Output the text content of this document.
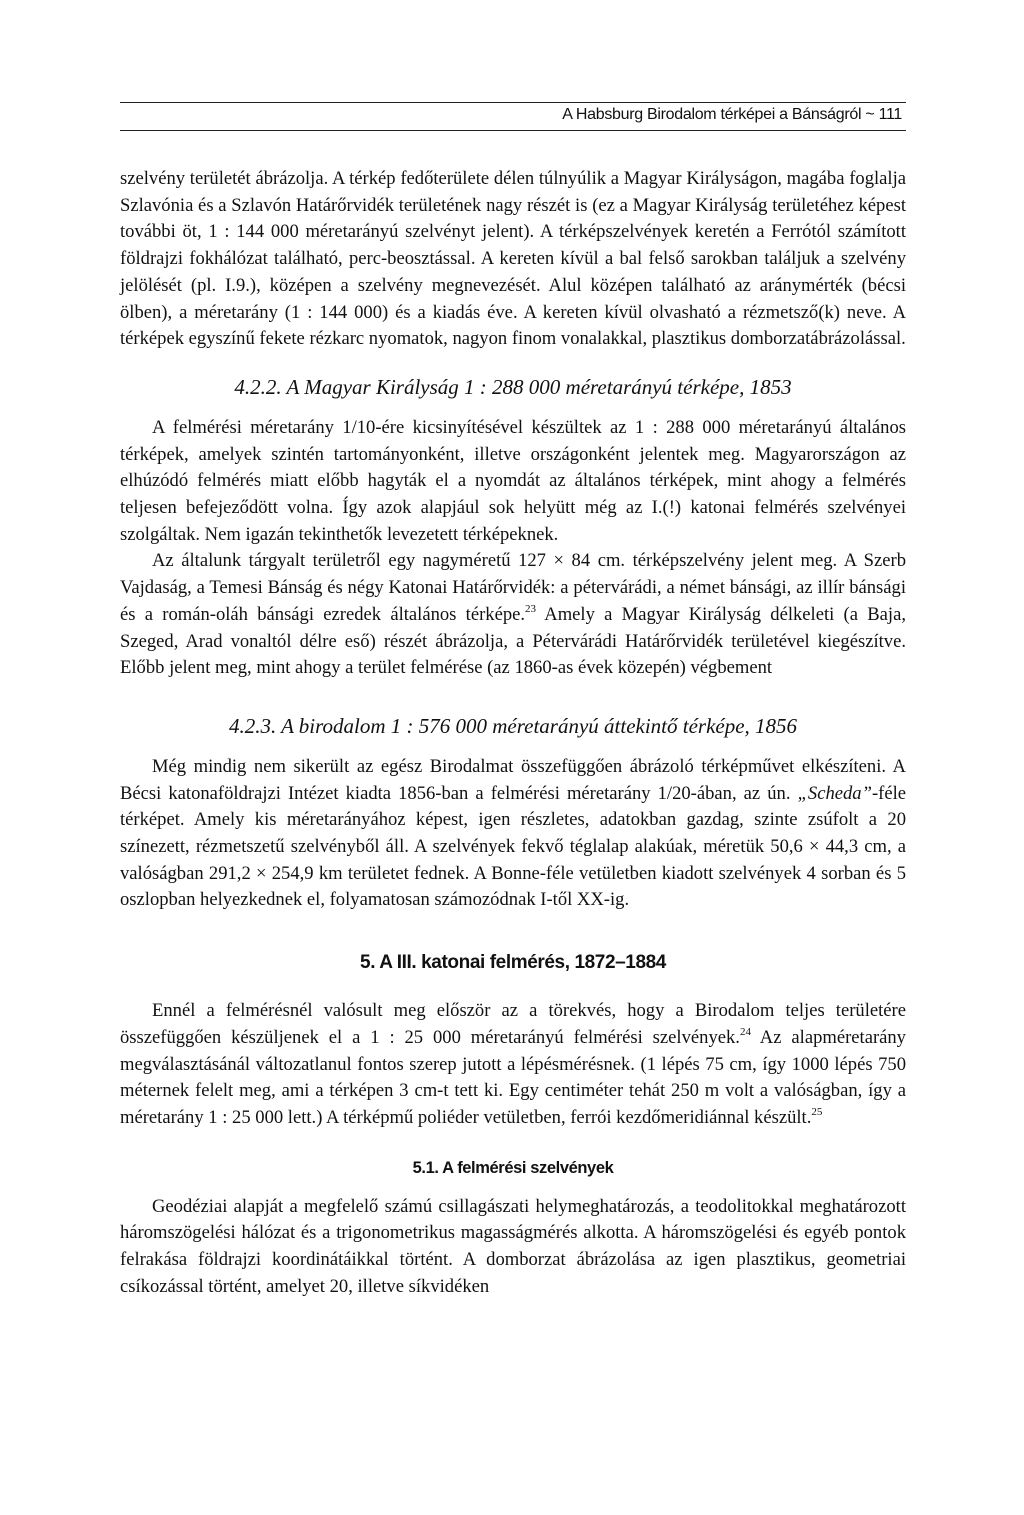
A Habsburg Birodalom térképei a Bánságról ~ 111

szelvény területét ábrázolja. A térkép fedőterülete délen túlnyúlik a Magyar Királyságon, magába foglalja Szlavónia és a Szlavón Határőrvidék területének nagy részét is (ez a Magyar Királyság területéhez képest további öt, 1 : 144 000 méretarányú szelvényt jelent). A térképszelvények keretén a Ferrótól számított földrajzi fokhálózat található, perc-beosztással. A kereten kívül a bal felső sarokban találjuk a szelvény jelölését (pl. I.9.), középen a szelvény megnevezését. Alul középen található az aránymérték (bécsi ölben), a méretarány (1 : 144 000) és a kiadás éve. A kereten kívül olvasható a rézmetsző(k) neve. A térképek egyszínű fekete rézkarc nyomatok, nagyon finom vonalakkal, plasztikus domborzatábrázolással.

4.2.2. A Magyar Királyság 1 : 288 000 méretarányú térképe, 1853

A felmérési méretarány 1/10-ére kicsinyítésével készültek az 1 : 288 000 méretarányú általános térképek, amelyek szintén tartományonként, illetve országonként jelentek meg. Magyarországon az elhúzódó felmérés miatt előbb hagyták el a nyomdát az általános térképek, mint ahogy a felmérés teljesen befejeződött volna. Így azok alapjául sok helyütt még az I.(!) katonai felmérés szelvényei szolgáltak. Nem igazán tekinthetők levezetett térképeknek.

Az általunk tárgyalt területről egy nagyméretű 127 × 84 cm. térképszelvény jelent meg. A Szerb Vajdaság, a Temesi Bánság és négy Katonai Határőrvidék: a pétervárádi, a német bánsági, az illír bánsági és a román-oláh bánsági ezredek általános térképe.$^{23}$ Amely a Magyar Királyság délkeleti (a Baja, Szeged, Arad vonaltól délre eső) részét ábrázolja, a Pétervárádi Határőrvidék területével kiegészítve. Előbb jelent meg, mint ahogy a terület felmérése (az 1860-as évek közepén) végbement

4.2.3. A birodalom 1 : 576 000 méretarányú áttekintő térképe, 1856

Még mindig nem sikerült az egész Birodalmat összefüggően ábrázoló térképművet elkészíteni. A Bécsi katonaföldrajzi Intézet kiadta 1856-ban a felmérési méretarány 1/20-ában, az ún. „Scheda”-féle térképet. Amely kis méretarányához képest, igen részletes, adatokban gazdag, szinte zsúfolt a 20 színezett, rézmetszetű szelvényből áll. A szelvények fekvő téglalap alakúak, méretük 50,6 × 44,3 cm, a valóságban 291,2 × 254,9 km területet fednek. A Bonne-féle vetületben kiadott szelvények 4 sorban és 5 oszlopban helyezkednek el, folyamatosan számozódnak I-től XX-ig.

5. A III. katonai felmérés, 1872–1884

Ennél a felmérésnél valósult meg először az a törekvés, hogy a Birodalom teljes területére összefüggően készüljenek el a 1 : 25 000 méretarányú felmérési szelvények.$^{24}$ Az alapméretarány megválasztásánál változatlanul fontos szerep jutott a lépésmérésnek. (1 lépés 75 cm, így 1000 lépés 750 méternek felelt meg, ami a térképen 3 cm-t tett ki. Egy centiméter tehát 250 m volt a valóságban, így a méretarány 1 : 25 000 lett.) A térképmű poliéder vetületben, ferrói kezdőmeridiánnal készült.$^{25}$

5.1. A felmérési szelvények

Geodéziai alapját a megfelelő számú csillagászati helymeghatározás, a teodolitokkal meghatározott háromszögelési hálózat és a trigonometrikus magasságmérés alkotta. A háromszögelési és egyéb pontok felrakása földrajzi koordinátáikkal történt. A domborzat ábrázolása az igen plasztikus, geometriai csíkozással történt, amelyet 20, illetve síkvidéken
